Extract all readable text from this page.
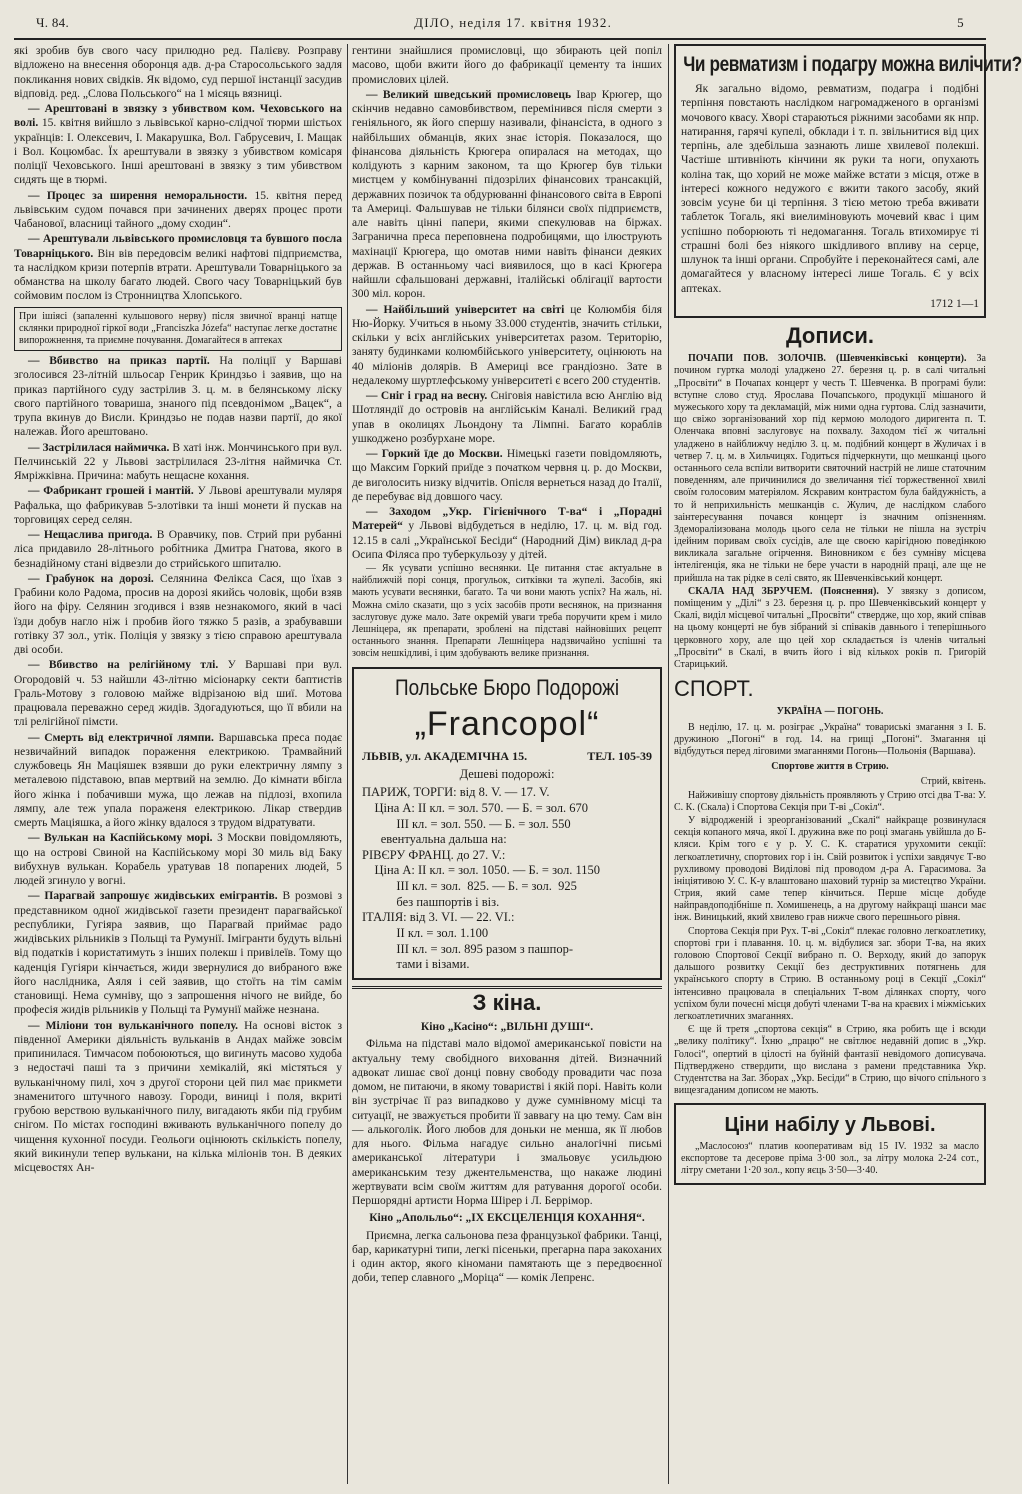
Ч. 84.	ДІЛО, неділя 17. квітня 1932.	5

які зробив був свого часу прилюдно ред. Палієву. Розправу відложено на внесення оборонця адв. д-ра Старосольського задля покликання нових свідків. Як відомо, суд першої інстанції засудив відповід. ред. „Слова Польського“ на 1 місяць вязниці.

— Арештовані в звязку з убивством ком. Чеховського на волі. 15. квітня вийшло з львівської карно-слідчої тюрми шістьох українців: І. Олексевич, І. Макарушка, Вол. Габрусевич, І. Мащак і Вол. Коцюмбас. Їх арештували в звязку з убивством комісаря поліції Чеховського. Інші арештовані в звязку з тим убивством сидять ще в тюрмі.

— Процес за ширення неморальности. 15. квітня перед львівським судом почався при зачинених дверях процес проти Чабанової, власниці тайного „дому сходин“.

— Арештували львівського промисловця та бувшого посла Товарніцького. Він вів передовсім великі нафтові підприємства, та наслідком кризи потерпів втрати. Арештували Товарніцького за обманства на школу багато людей. Свого часу Товарніцький був соймовим послом із Стронництва Хлопського.

При ішіясі (запаленні кульшового нерву) після звичної вранці натще склянки природної гіркої води „Franciszka Józefa“ наступає легке достатнє випорожнення, та приємне почування. Домагайтеся в аптеках

— Вбивство на приказ партії. На поліції у Варшаві зголосився 23-літній шльосар Генрик Криндзьо і заявив, що на приказ партійного суду застрілив 3. ц. м. в белянському ліску свого партійного товариша, знаного під псевдонімом „Вацек“, а трупа вкинув до Висли. Криндзьо не подав назви партії, до якої належав. Його арештовано.

— Застрілилася наймичка. В хаті інж. Мончинського при вул. Пелчинській 22 у Львові застрілилася 23-літня наймичка Ст. Ямріжківна. Причина: мабуть нещасне кохання.

— Фабрикант грошей і мантій. У Львові арештували муляря Рафалька, що фабрикував 5-злотівки та інші монети й пускав на торговицях серед селян.

— Нещаслива пригода. В Оравчику, пов. Стрий при рубанні ліса придавило 28-літнього робітника Дмитра Гнатова, якого в безнадійному стані відвезли до стрийського шпиталю.

— Грабунок на дорозі. Селянина Фелікса Сася, що їхав з Грабини коло Радома, просив на дорозі якийсь чоловік, щоби взяв його на фіру. Селянин згодився і взяв незнакомого, який в часі їзди добув нагло ніж і пробив його тяжко 5 разів, а зрабувавши готівку 37 зол., утік. Поліція у звязку з тією справою арештувала дві особи.

— Вбивство на релігійному тлі. У Варшаві при вул. Огородовій ч. 53 найшли 43-літню місіонарку секти баптистів Граль-Мотову з головою майже відрізаною від шиї. Мотова працювала переважно серед жидів. Здогадуються, що її вбили на тлі релігійної пімсти.

— Смерть від електричної лямпи. Варшавська преса подає незвичайний випадок пораження електрикою. Трамвайний службовець Ян Маціяшек взявши до руки електричну лямпу з металевою підставою, впав мертвий на землю. До кімнати вбігла його жінка і побачивши мужа, що лежав на підлозі, вхопила лямпу, але теж упала пораженя електрикою. Лікар ствердив смерть Маціяшка, а його жінку вдалося з трудом відратувати.

— Вулькан на Каспійському морі. З Москви повідомляють, що на острові Свиной на Каспійському морі 30 миль від Баку вибухнув вулькан. Корабель уратував 18 попарених людей, 5 людей згинуло у вогні.

— Парагвай запрошує жидівських емігрантів. В розмові з представником одної жидівської газети президент парагвайської республики, Гугіяра заявив, що Парагвай приймає радо жидівських рільників з Польщі та Румунії. Імігранти будуть вільні від податків і користатимуть з інших полекш і привілеїв. Тому що каденція Гугіяри кінчається, жиди звернулися до вибраного вже його наслідника, Аяля і сей заявив, що стоїть на тім самім становищі. Нема сумніву, що з запрошення нічого не вийде, бо професія жидів рільників у Польщі та Румунії майже незнана.

— Міліони тон вульканічного попелу. На основі вісток з південної Америки діяльність вульканів в Андах майже зовсім припинилася. Тимчасом побоюються, що вигинуть масово худоба з недостачі паші та з причини хемікалій, які містяться у вульканічному пилі, хоч з другої сторони цей пил має прикмети знаменитого штучного навозу. Городи, виниці і поля, вкриті грубою верствою вульканічного пилу, вигадають якби під грубим снігом. По містах господині вживають вульканічного попелу до чищення кухонної посуди. Геольоги оцінюють скількість попелу, який викинули тепер вулькани, на кілька міліонів тон. В деяких місцевостях Ан-

гентини знайшлися промисловці, що збирають цей попіл масово, щоби вжити його до фабрикації цементу та інших промислових цілей.

— Великий шведський промисловець Івар Крюгер, що скінчив недавно самовбивством, перемінився після смерти з геніяльного, як його спершу називали, фінансіста, в одного з найбільших обманців, яких знає історія. Показалося, що фінансова діяльність Крюгера опиралася на методах, що колідують з карним законом, та що Крюгер був тільки мистцем у комбінуванні підозрілих фінансових трансакцій, державних позичок та обдурюванні фінансового світа в Европі та Америці. Фальшував не тільки білянси своїх підприємств, але навіть цінні папери, якими спекулював на біржах. Заграничнa преса переповнена подробицями, що ілюструють махінації Крюгера, що омотав ними навіть фінанси деяких держав. В останньому часі виявилося, що в касі Крюгера найшли сфальшовані державні, італійські облігації вартости 300 міл. корон.

— Найбільший університет на світі це Колюмбія біля Ню-Йорку. Учиться в ньому 33.000 студентів, значить стільки, скільки у всіх англійських університетах разом. Територію, заняту будинками колюмбійського університету, оцінюють на 40 міліонів долярів. В Америці все грандіозно. Зате в недалекому шуртлефському університеті є всего 200 студентів.

— Сніг і град на весну. Сніговія навістила всю Англію від Шотляндії до островів на англійськім Каналі. Великий град упав в околицях Льондону та Лімпні. Багато кораблів ушкоджено розбурхане море.

— Горкий їде до Москви. Німецькі газети повідомляють, що Максим Горкий приїде з початком червня ц. р. до Москви, де виголосить низку відчитів. Опісля вернеться назад до Італії, де перебуває від довшого часу.

— Заходом „Укр. Гігієнічного Т-ва“ і „Порадні Матерей“ у Львові відбудеться в неділю, 17. ц. м. від год. 12.15 в салі „Української Бесіди“ (Народний Дім) виклад д-ра Осипа Філяса про туберкульозу у дітей.

— Як усувати успішно веснянки. Це питання стає актуальне в найближчій порі сонця, прогульок, ситківки та жупелі. Засобів, які мають усувати веснянки, багато. Та чи вони мають успіх? На жаль, ні. Можна сміло сказати, що з усіх засобів проти веснянок, на признання заслуговує дуже мало. Зате окремій уваги треба поручити крем і мило Лешніцера, як препарати, зроблені на підставі найновіших рецепт останнього знання. Препарати Лешніцера надзвичайно успішні та зовсім нешкідливі, і цим здобувають велике признання.

Польське Бюро Подорожі
„Francopol“
ЛЬВІВ, ул. АКАДЕМІЧНА 15.	ТЕЛ. 105-39
Дешеві подорожі:
ПАРИЖ, ТОРГИ: від 8. V. — 17. V.
Ціна А: II кл. = зол. 570. — Б. = зол. 670
III кл. = зол. 550. — Б. = зол. 550
евентуальна дальша на:
РІВЄРУ ФРАНЦ. до 27. V.:
Ціна А: II кл. = зол. 1050. — Б. = зол. 1150
III кл. = зол.  825. — Б. = зол.  925
без пашпортів і віз.
ІТАЛІЯ: від 3. VI. — 22. VI.:
II кл. = зол. 1.100
III кл. = зол. 895 разом з пашпор-
тами і візами.
З кіна.

Кіно „Касіно“: „ВІЛЬНІ ДУШІ“.

Фільма на підставі мало відомої американської повісти на актуальну тему свобідного виховання дітей. Визначний адвокат лишає свої донці повну свободу провадити час поза домом, не питаючи, в якому товаристві і якій порі. Навіть коли він зустрічає її раз випадково у дуже сумнівному місці та ситуації, не зважується пробити її заввагу на цю тему. Сам він — алькоголік. Його любов для доньки не менша, як її любов для нього. Фільма нагадує сильно аналогічні письмі американської літератури і змальовує усильдюю американським тезу джентельменства, що накаже людині жертвувати всім своїм життям для ратування дорогої особи. Першорядні артисти Норма Шірер і Л. Беррімор.

Кіно „Апольльо“: „ІХ ЕКСЦЕЛЕНЦІЯ КОХАННЯ“.

Приємна, легка сальонова пеза французької фабрики. Танці, бар, карикатурні типи, легкі пісеньки, прегарна пара закоханих і один актор, якого кіномани памятають ще з передвоєнної доби, тепер славного „Моріца“ — комік Лепренс.

Чи ревматизм і подагру можна вилічити?

Як загально відомо, ревматизм, подагра і подібні терпіння повстають наслідком нагромадженого в організмі мочового квасу. Хворі стараються ріжними засобами як нпр. натирання, гарячі купелі, обклади і т. п. звільнитися від цих терпінь, але здебільша зазнають лише хвилевої полекші. Частіше штивніють кінчини як руки та ноги, опухають коліна так, що хорий не може майже встати з місця, отже в інтересі кожного недужого є вжити такого засобу, який зовсім усуне би ці терпіння. З тією метою треба вживати таблеток Тогаль, які виелиміновують мочевий квас і цим успішно поборюють ті недомагання. Тогаль втихомирує ті страшні болі без ніякого шкідливого впливу на серце, шлунок та інші органи. Спробуйте і переконайтеся самі, але домагайтеся у власному інтересі лише Тогаль. Є у всіх аптеках.

1712 1—1

Дописи.

ПОЧАПИ ПОВ. ЗОЛОЧІВ. (Шевченківські концерти). За почином гуртка молоді уладжено 27. березня ц. р. в салі читальні „Просвіти“ в Почапах концерт у честь Т. Шевченка. В програмі були: вступне слово студ. Ярослава Почапського, продукції мішаного й мужеського хору та декламацій, між ними одна гуртова. Слід зазначити, що свіжо зорганізований хор під кермою молодого диригента п. Т. Оленчака вповні заслуговує на похвалу. Заходом тієї ж читальні уладжено в найближчу неділю 3. ц. м. подібний концерт в Жуличах і в четвер 7. ц. м. в Хильчицях. Годиться підчеркнути, що мешканці цього останнього села вспіли витворити святочний настрій не лише статочним поведенням, але причинилися до звеличання тієї торжественної хвилі своїм голосовим матеріялом. Яскравим контрастом була байдужність, а то й неприхильність мешканців с. Жулич, де наслідком слабого заінтересування почався концерт із значним опізненням. Здемораліизована молодь цього села не тільки не пішла на зустріч ідейним поривам своїх сусідів, але ще своєю карігідною поведінкою викликала загальне огірчення. Виновником є без сумніву місцева інтелігенція, яка не тільки не бере участи в народній праці, але ще не прийшла на так рідке в селі свято, як Шевченківський концерт.

СКАЛА НАД ЗБРУЧЕМ. (Пояснення). У звязку з дописом, поміщеним у „Ділі“ з 23. березня ц. р. про Шевченківський концерт у Скалі, виділ місцевої читальні „Просвіти“ ствердже, що хор, який співав на цьому концерті не був зібраний зі співаків давнього і теперішнього церковного хору, але що цей хор складається із членів читальні „Просвіти“ в Скалі, в вчить його і від кількох років п. Григорій Старицький.

СПОРТ.

УКРАЇНА — ПОГОНЬ.

В неділю, 17. ц. м. розіграє „Україна“ товариські змагання з І. Б. дружиною „Погоні“ в год. 14. на грищі „Погоні“. Змагання ці відбудуться перед ліговими змаганнями Погонь—Польонія (Варшава).

Спортове життя в Стрию.

Стрий, квітень.

Найживішу спортову діяльність проявляють у Стрию отсі два Т-ва: У. С. К. (Скала) і Спортова Секція при Т-ві „Сокіл“.

У відродженій і зреорганізований „Скалі“ найкраще розвинулася секція копаного мяча, якої І. дружина вже по році змагань увійшла до Б-кляси. Крім того є у р. У. С. К. старатися урухомити секції: легкоатлетичну, спортових гор і ін. Свій розвиток і успіхи завдячує Т-во рухливому проводові Виділові під проводом д-ра А. Гарасимова. За ініціятивою У. С. К-у влаштовано шаховий турнір за мистецтво України. Стрия, який саме тепер кінчиться. Перше місце добуде найправдоподібніше п. Хомишенець, а на другому найкращі шанси має інж. Виницький, який хвилево грав нижче свого перешнього рівня.

Спортова Секція при Рух. Т-ві „Сокіл“ плекає головно легкоатлетику, спортові гри і плавання. 10. ц. м. відбулися заг. збори Т-ва, на яких головою Спортової Секції вибрано п. О. Верходу, який до запорук дальшого розвитку Секції без деструктивних потягнень для українського спорту в Стрию. В останньому році в Секції „Сокіл“ інтенсивно працювала в спеціальних Т-вом ділянках спорту, чого успіхом були почесні місця добуті членами Т-ва на краєвих і міжміських легкоатлетичних змаганнях.

Є ще й третя „спортова секція“ в Стрию, яка робить ще і всюди „велику політику“. Їхню „працю“ не світлює недавній допис в „Укр. Голосі“, опертий в цілості на буйній фантазії невідомого дописувача. Підтверджено ствердити, що вислана з рамени представника Укр. Студентства на Заг. Зборах „Укр. Бесіди“ в Стрию, що вічого спільного з вищезгаданим дописом не мають.

Ціни набілу у Львові.

„Маслосоюз“ платив кооперативам від 15 IV. 1932 за масло експортове та десерове пріма 3·00 зол., за літру молока 2-24 сот., літру сметани 1·20 зол., копу яєць 3·50—3·40.
